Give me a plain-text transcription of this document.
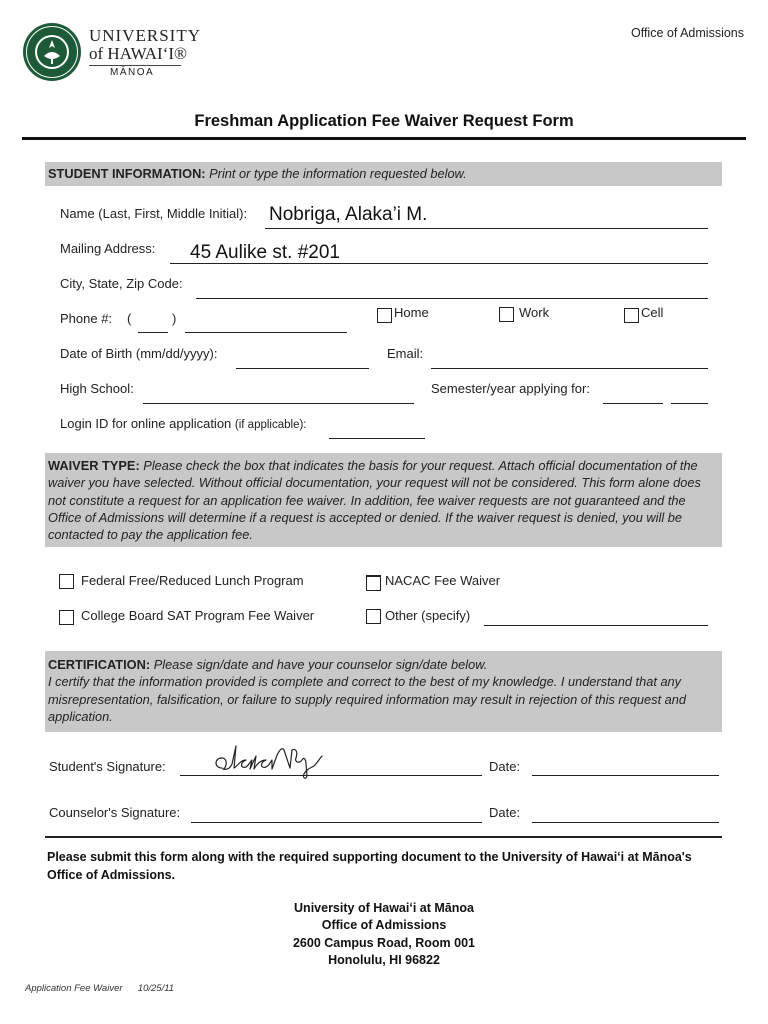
UNIVERSITY
of HAWAIʻI®
MĀNOA
Office of Admissions
Freshman Application Fee Waiver Request Form

STUDENT INFORMATION: Print or type the information requested below.

Name (Last, First, Middle Initial): Nobriga, Alaka’i M.
Mailing Address: 45 Aulike st. #201
City, State, Zip Code:
Phone #: (	)	Home	Work	Cell
Date of Birth (mm/dd/yyyy):	Email:
High School:	Semester/year applying for:
Login ID for online application (if applicable):

WAIVER TYPE: Please check the box that indicates the basis for your request. Attach official documentation of the waiver you have selected. Without official documentation, your request will not be considered. This form alone does not constitute a request for an application fee waiver. In addition, fee waiver requests are not guaranteed and the Office of Admissions will determine if a request is accepted or denied. If the waiver request is denied, you will be contacted to pay the application fee.

Federal Free/Reduced Lunch Program	NACAC Fee Waiver
College Board SAT Program Fee Waiver	Other (specify)

CERTIFICATION: Please sign/date and have your counselor sign/date below.
I certify that the information provided is complete and correct to the best of my knowledge. I understand that any misrepresentation, falsification, or failure to supply required information may result in rejection of this request and application.

Student's Signature:	Date:
Counselor's Signature:	Date:
Please submit this form along with the required supporting document to the University of Hawaiʻi at Mānoa's Office of Admissions.
University of Hawaiʻi at Mānoa
Office of Admissions
2600 Campus Road, Room 001
Honolulu, HI 96822
Application Fee Waiver 10/25/11
